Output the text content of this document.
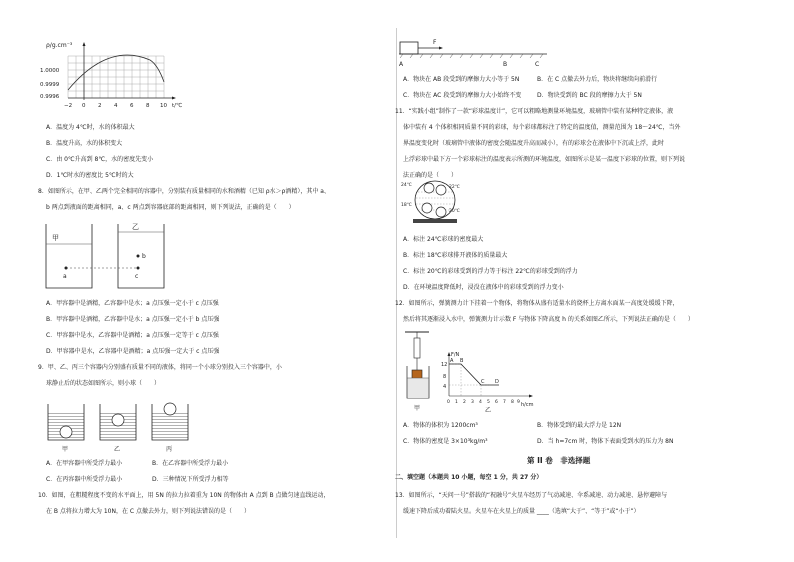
ρ/g.cm⁻³
1.0000
0.9999
0.9996
−2 0 2 4 6 8 10 t/℃
A．温度为 4℃时，水的体积最大
B．温度升高，水的体积变大
C．由 0℃升高到 8℃，水的密度先变小
D．1℃时水的密度比 5℃时的大
8．如图所示，在甲、乙两个完全相同的容器中，分别装有质量相同的水和酒精（已知 ρ水＞ρ酒精），其中 a、
b 两点到液面的距离相同，a、c 两点到容器底部的距离相同，则下列说法，正确的是（　　）
乙
甲
a
b
c
A．甲容器中是酒精，乙容器中是水；a 点压强一定小于 c 点压强
B．甲容器中是酒精，乙容器中是水；a 点压强一定小于 b 点压强
C．甲容器中是水，乙容器中是酒精；a 点压强一定等于 c 点压强
D．甲容器中是水，乙容器中是酒精；a 点压强一定大于 c 点压强
9．甲、乙、丙三个容器内分别盛有质量不同的液体，将同一个小球分别投入三个容器中，小
球静止后的状态如图所示，则小球（　　）
甲	乙	丙
A．在甲容器中所受浮力最小	B．在乙容器中所受浮力最小
C．在丙容器中所受浮力最小	D．三种情况下所受浮力相等
10．如图，在粗糙程度不变的水平面上，用 5N 的拉力拉着重为 10N 的物体由 A 点到 B 点做匀速直线运动，
在 B 点将拉力增大为 10N，在 C 点撤去外力，则下列说法错误的是（　　）
F
A	B	C
A．物块在 AB 段受到的摩擦力大小等于 5N	B．在 C 点撤去外力后，物块将继续向前滑行
C．物块在 AC 段受到的摩擦力大小始终不变	D．物块受到的 BC 段的摩擦力大于 5N
11．“实践小组”制作了一款“彩球温度计”，它可以粗略地测量环境温度，玻璃管中装有某种特定液体，液
体中装有 4 个体积相同质量不同的彩球，每个彩球都标注了特定的温度值，测量范围为 18～24℃，当外
界温度变化时（玻璃管中液体的密度会随温度升高而减小），有的彩球会在液体中下沉或上浮，此时
上浮彩球中最下方一个彩球标注的温度表示所测的环境温度，如图所示是某一温度下彩球的位置，则下列说
法正确的是（　　）
24℃	22℃
18℃
20℃
A．标注 24℃彩球的密度最大
B．标注 18℃彩球排开液体的质量最大
C．标注 20℃的彩球受到的浮力等于标注 22℃的彩球受到的浮力
D．在环境温度降低时，浸没在液体中的彩球受到的浮力变小
12．如图所示，弹簧测力计下挂着一个物体，将物体从盛有适量水的烧杯上方离水面某一高度处缓缓下降，
然后将其逐渐浸入水中，弹簧测力计示数 F 与物体下降高度 h 的关系如图乙所示，下列说法正确的是（　　）
甲
F/N
h/cm
A B
C D
12
8
4
0 1 2 3 4 5 6 7 8 9
乙
A．物体的体积为 1200cm³	B．物体受到的最大浮力是 12N
C．物体的密度是 3×10³kg/m³	D．当 h=7cm 时，物体下表面受到水的压力为 8N
第 II 卷　非选择题
二、填空题（本题共 10 小题，每空 1 分，共 27 分）
13．如图所示，“天问一号”搭载的“祝融号”火星车经历了气动减速、伞系减速、动力减速、悬停避障与
缓速下降后成功着陆火星。火星车在火星上的质量 ____（选填“大于”、“等于”或“小于”）
